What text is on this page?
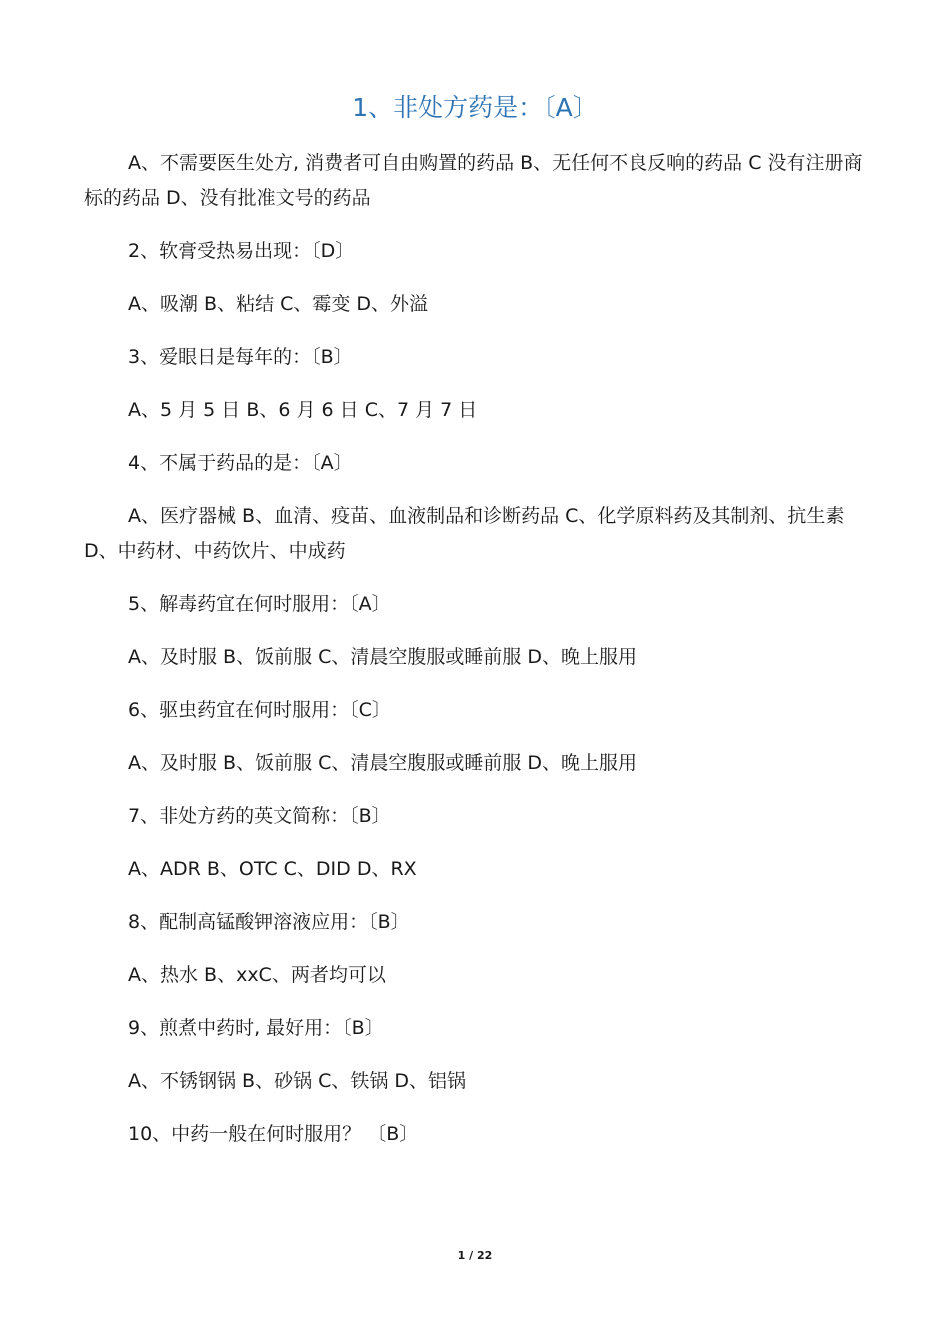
1、非处方药是：〔A〕

A、不需要医生处方, 消费者可自由购置的药品 B、无任何不良反响的药品 C 没有注册商标的药品 D、没有批准文号的药品

2、软膏受热易出现：〔D〕

A、吸潮 B、粘结 C、霉变 D、外溢

3、爱眼日是每年的：〔B〕

A、5 月 5 日 B、6 月 6 日 C、7 月 7 日

4、不属于药品的是：〔A〕

A、医疗器械 B、血清、疫苗、血液制品和诊断药品 C、化学原料药及其制剂、抗生素 D、中药材、中药饮片、中成药

5、解毒药宜在何时服用：〔A〕

A、及时服 B、饭前服 C、清晨空腹服或睡前服 D、晚上服用

6、驱虫药宜在何时服用：〔C〕

A、及时服 B、饭前服 C、清晨空腹服或睡前服 D、晚上服用

7、非处方药的英文简称：〔B〕

A、ADR B、OTC C、DID D、RX

8、配制高锰酸钾溶液应用：〔B〕

A、热水 B、xxC、两者均可以

9、煎煮中药时, 最好用：〔B〕

A、不锈钢锅 B、砂锅 C、铁锅 D、铝锅

10、中药一般在何时服用？ 〔B〕

1 / 22
